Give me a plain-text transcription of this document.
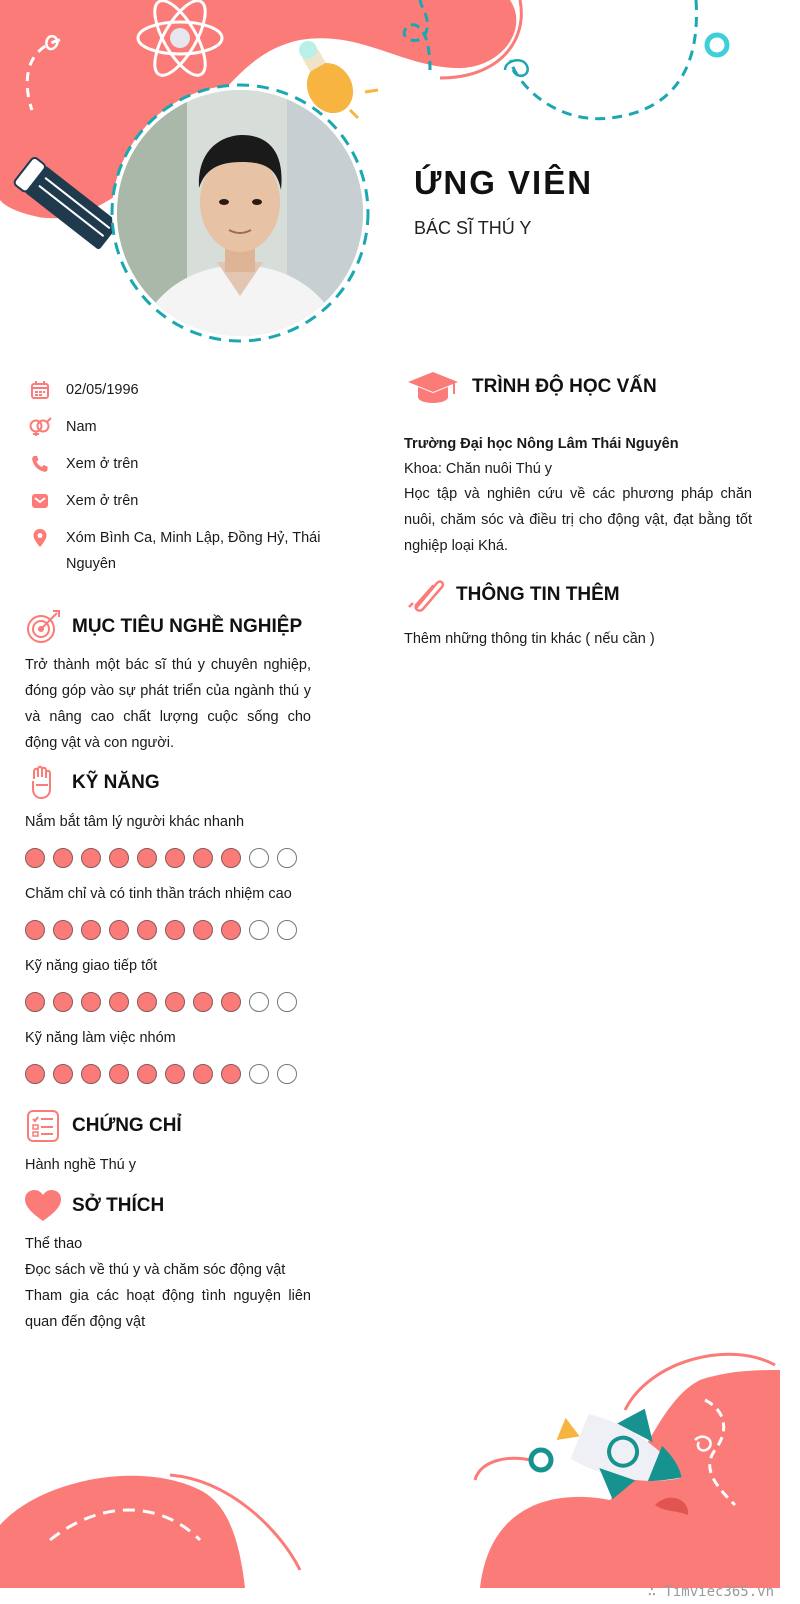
ỨNG VIÊN
BÁC SĨ THÚ Y
02/05/1996
Nam
Xem ở trên
Xem ở trên
Xóm Bình Ca, Minh Lập, Đồng Hỷ, Thái Nguyên
MỤC TIÊU NGHỀ NGHIỆP
Trở thành một bác sĩ thú y chuyên nghiệp, đóng góp vào sự phát triển của ngành thú y và nâng cao chất lượng cuộc sống cho động vật và con người.
KỸ NĂNG
Nắm bắt tâm lý người khác nhanh
Chăm chỉ và có tinh thần trách nhiệm cao
Kỹ năng giao tiếp tốt
Kỹ năng làm việc nhóm
CHỨNG CHỈ
Hành nghề Thú y
SỞ THÍCH
Thể thao
Đọc sách về thú y và chăm sóc động vật
Tham gia các hoạt động tình nguyện liên quan đến động vật
TRÌNH ĐỘ HỌC VẤN
Trường Đại học Nông Lâm Thái Nguyên
Khoa: Chăn nuôi Thú y
Học tập và nghiên cứu về các phương pháp chăn nuôi, chăm sóc và điều trị cho động vật, đạt bằng tốt nghiệp loại Khá.
THÔNG TIN THÊM
Thêm những thông tin khác ( nếu cần )
∴ Timviec365.vn
